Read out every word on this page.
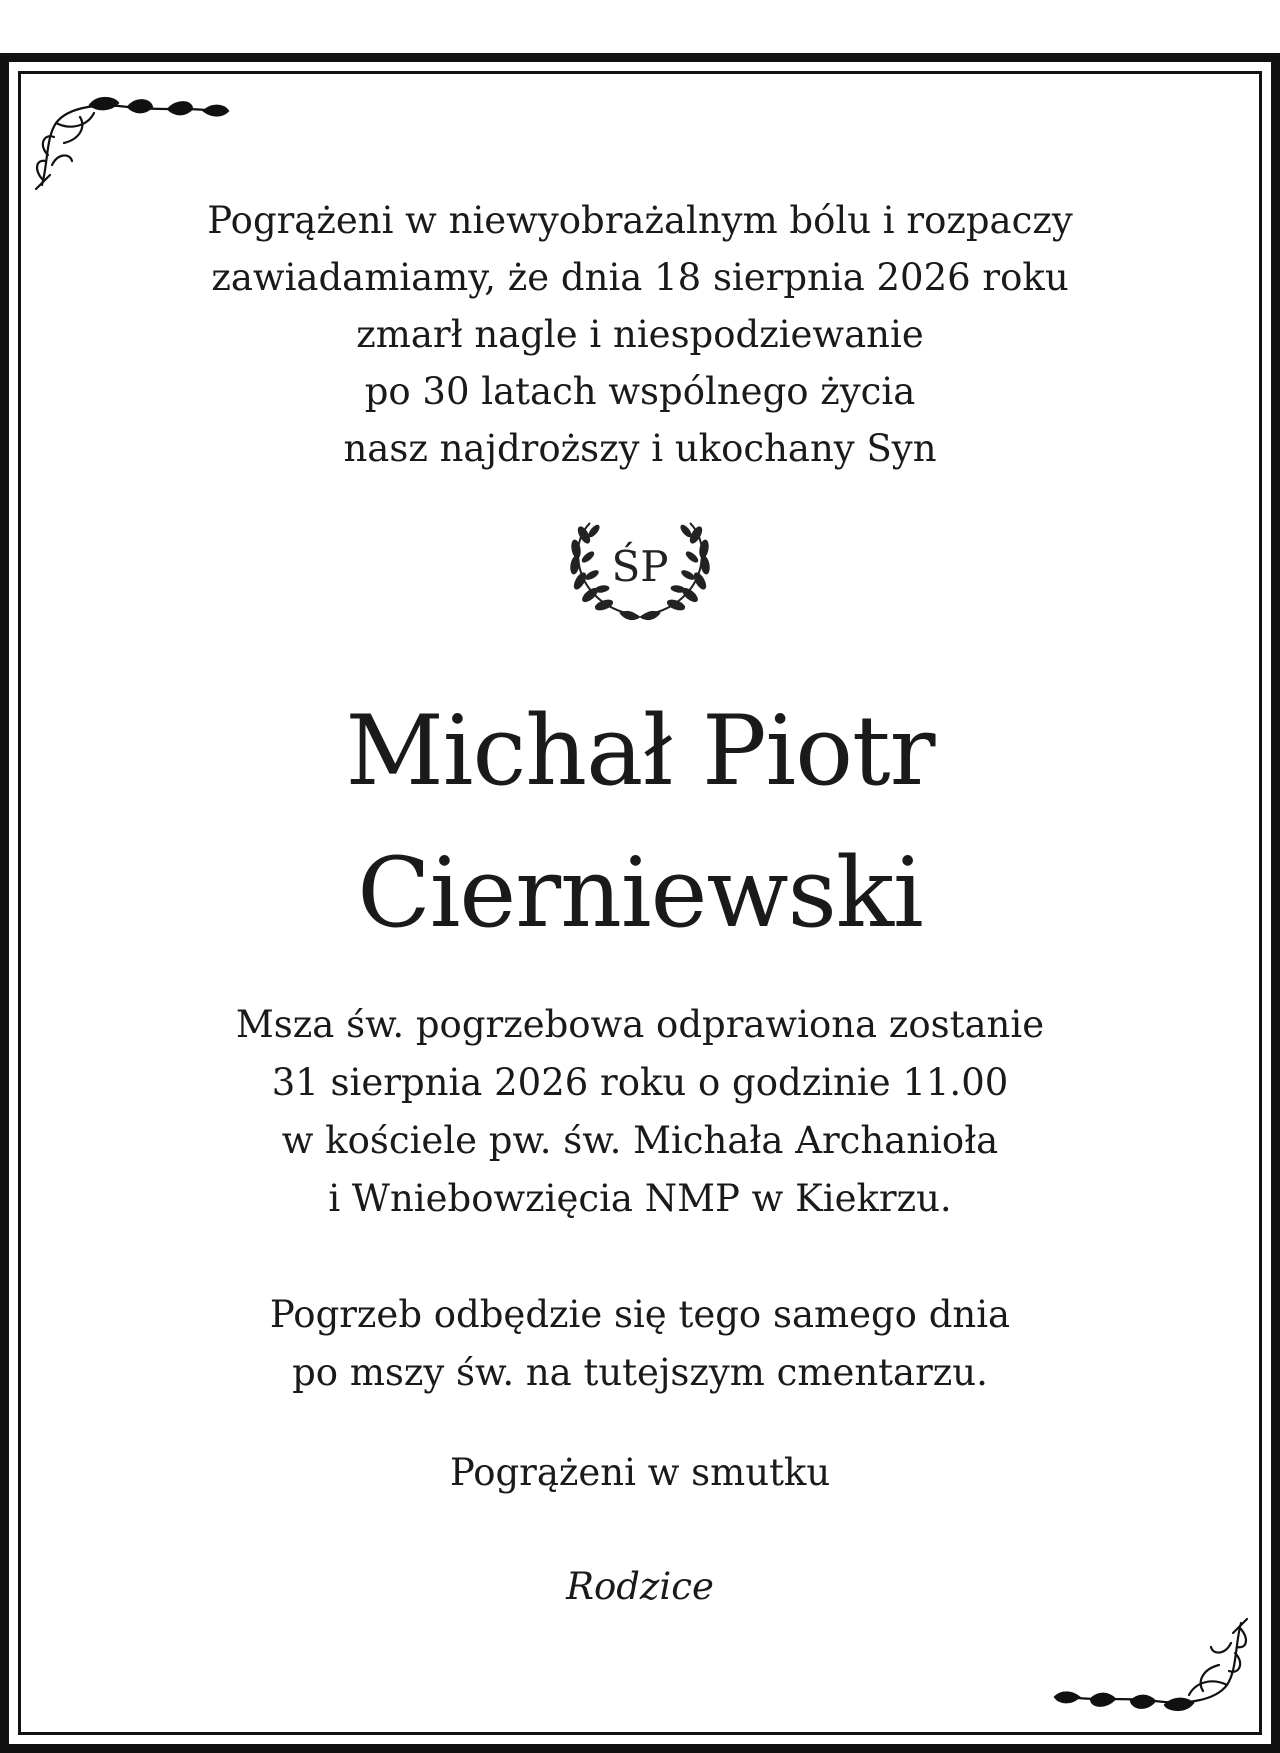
Pogrążeni w niewyobrażalnym bólu i rozpaczy
zawiadamiamy, że dnia 18 sierpnia 2026 roku
zmarł nagle i niespodziewanie
po 30 latach wspólnego życia
nasz najdroższy i ukochany Syn
ŚP
Michał Piotr
Cierniewski
Msza św. pogrzebowa odprawiona zostanie
31 sierpnia 2026 roku o godzinie 11.00
w kościele pw. św. Michała Archanioła
i Wniebowzięcia NMP w Kiekrzu.
Pogrzeb odbędzie się tego samego dnia
po mszy św. na tutejszym cmentarzu.
Pogrążeni w smutku
Rodzice
